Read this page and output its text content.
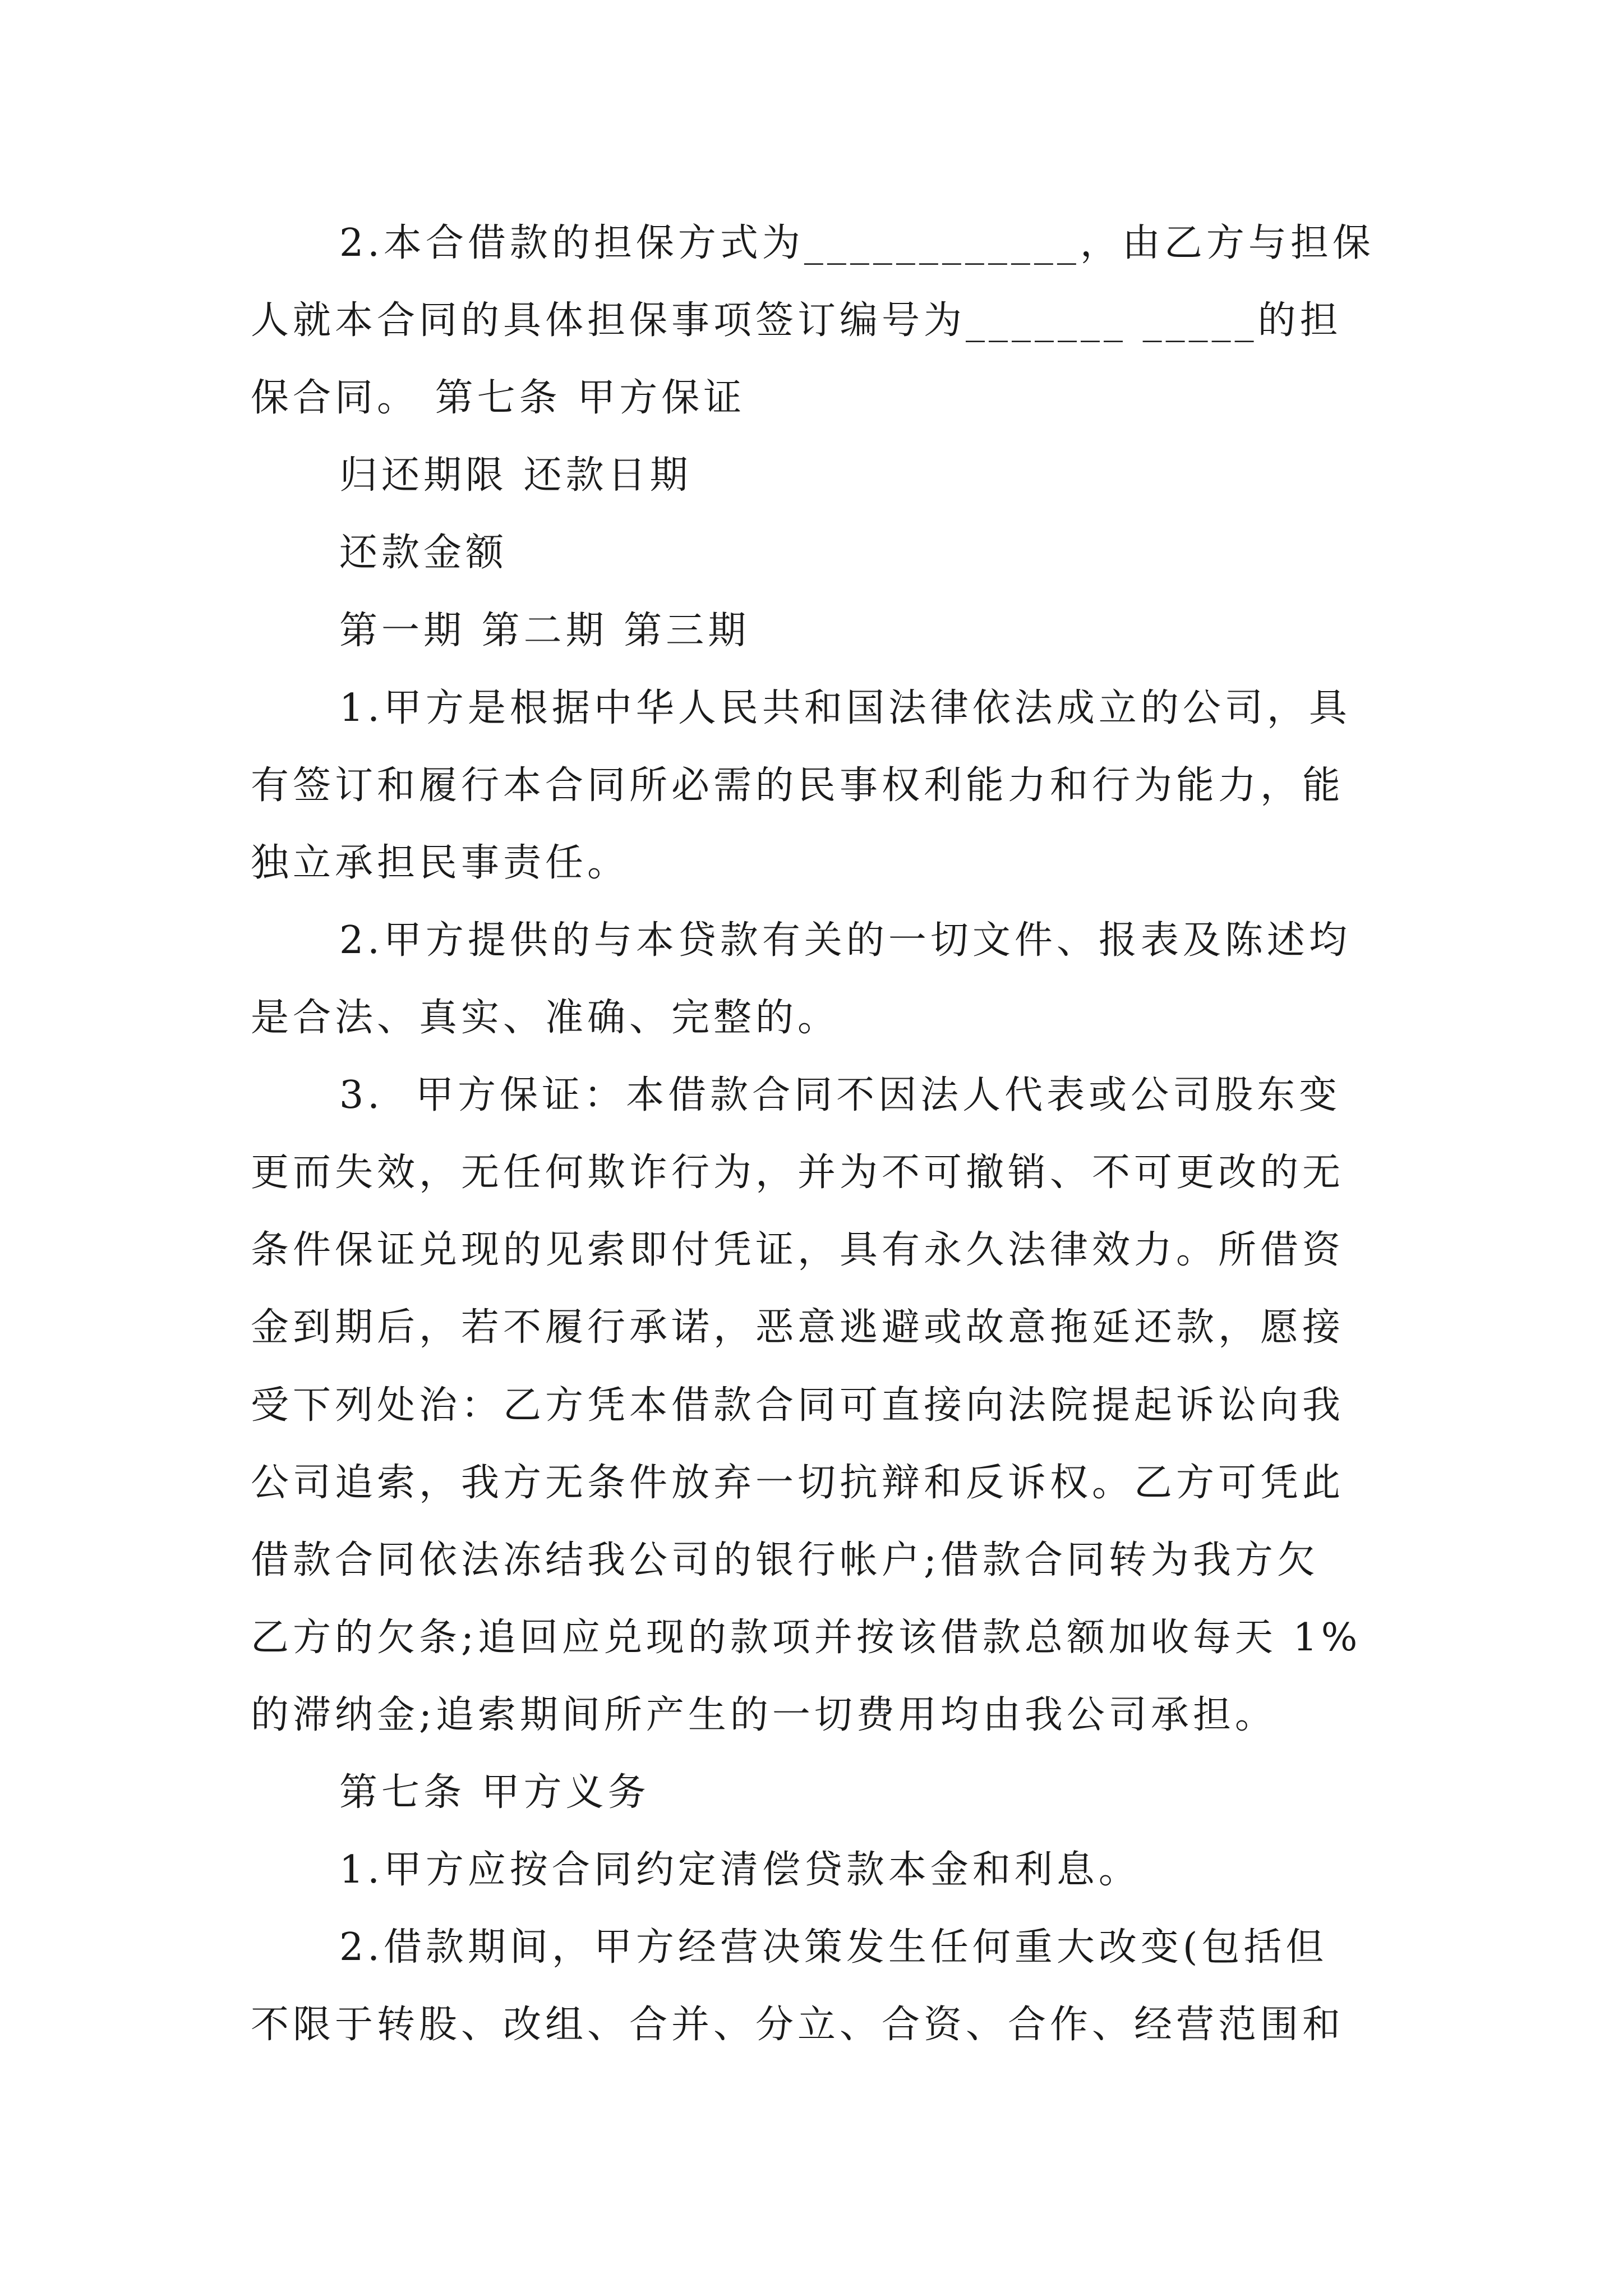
2.本合借款的担保方式为____________，由乙方与担保
人就本合同的具体担保事项签订编号为_______ _____的担
保合同。 第七条 甲方保证
归还期限 还款日期
还款金额
第一期 第二期 第三期
1.甲方是根据中华人民共和国法律依法成立的公司，具
有签订和履行本合同所必需的民事权利能力和行为能力，能
独立承担民事责任。
2.甲方提供的与本贷款有关的一切文件、报表及陈述均
是合法、真实、准确、完整的。
3.  甲方保证：本借款合同不因法人代表或公司股东变
更而失效，无任何欺诈行为，并为不可撤销、不可更改的无
条件保证兑现的见索即付凭证，具有永久法律效力。所借资
金到期后，若不履行承诺，恶意逃避或故意拖延还款，愿接
受下列处治：乙方凭本借款合同可直接向法院提起诉讼向我
公司追索，我方无条件放弃一切抗辩和反诉权。乙方可凭此
借款合同依法冻结我公司的银行帐户;借款合同转为我方欠
乙方的欠条;追回应兑现的款项并按该借款总额加收每天 1%
的滞纳金;追索期间所产生的一切费用均由我公司承担。
第七条 甲方义务
1.甲方应按合同约定清偿贷款本金和利息。
2.借款期间，甲方经营决策发生任何重大改变(包括但
不限于转股、改组、合并、分立、合资、合作、经营范围和
